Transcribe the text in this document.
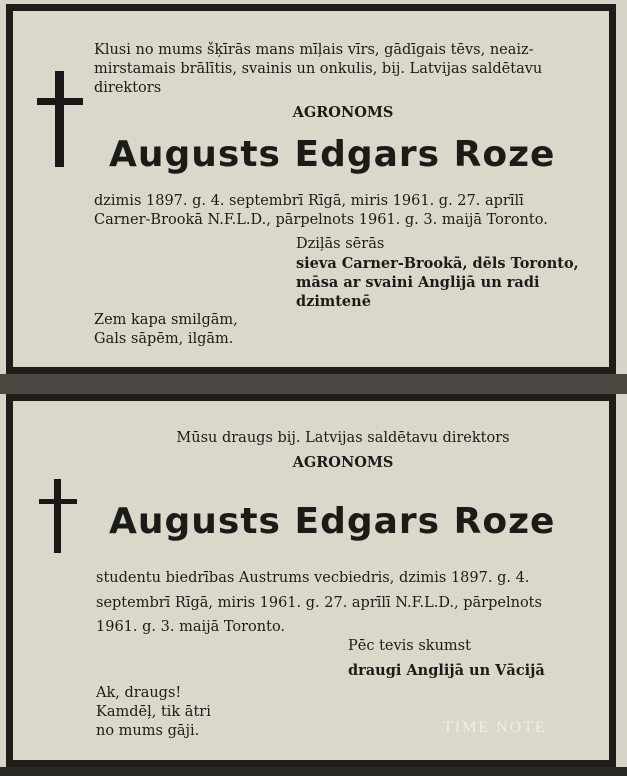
Klusi no mums šķīrās mans mīļais vīrs, gādīgais tēvs, neaiz-
mirstamais brālītis, svainis un onkulis, bij. Latvijas saldētavu
direktors
AGRONOMS
Augusts Edgars Roze
dzimis 1897. g. 4. septembrī Rīgā, miris 1961. g. 27. aprīlī
Carner-Brookā N.F.L.D., pārpelnots 1961. g. 3. maijā Toronto.
Dziļās sērās
sieva Carner-Brookā, dēls Toronto,
māsa ar svaini Anglijā un radi
dzimtenē
Zem kapa smilgām,
Gals sāpēm, ilgām.
Mūsu draugs bij. Latvijas saldētavu direktors
AGRONOMS
Augusts Edgars Roze
studentu biedrības Austrums vecbiedris, dzimis 1897. g. 4.
septembrī Rīgā, miris 1961. g. 27. aprīlī N.F.L.D., pārpelnots
1961. g. 3. maijā Toronto.
Pēc tevis skumst
draugi Anglijā un Vācijā
Ak, draugs!
Kamdēļ, tik ātri
no mums gāji.	TIME NOTE
